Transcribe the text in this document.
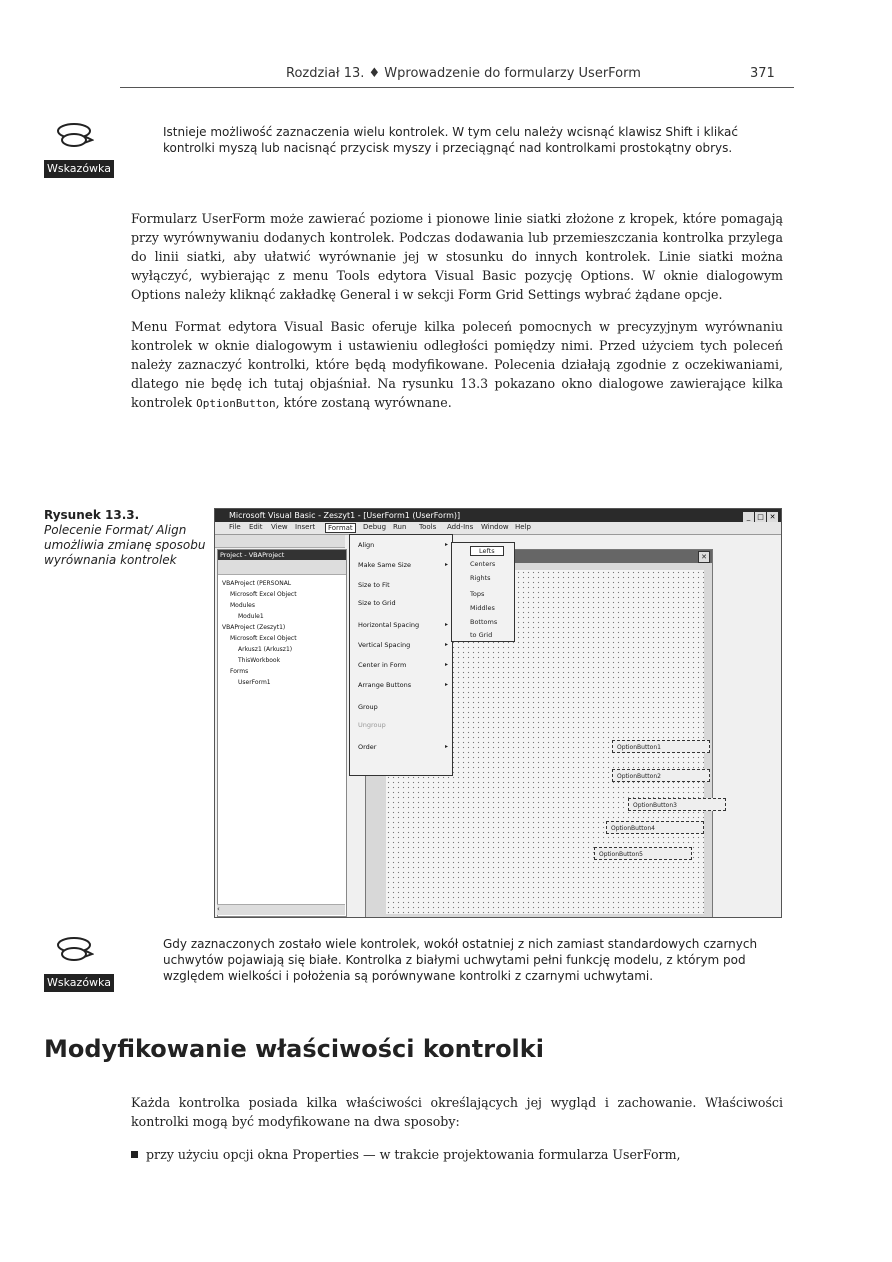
Rozdział 13. ♦ Wprowadzenie do formularzy UserForm	371
Wskazówka
Istnieje możliwość zaznaczenia wielu kontrolek. W tym celu należy wcisnąć klawisz Shift i klikać kontrolki myszą lub nacisnąć przycisk myszy i przeciągnąć nad kontrolkami prostokątny obrys.

Formularz UserForm może zawierać poziome i pionowe linie siatki złożone z kropek, które pomagają przy wyrównywaniu dodanych kontrolek. Podczas dodawania lub przemieszczania kontrolka przylega do linii siatki, aby ułatwić wyrównanie jej w stosunku do innych kontrolek. Linie siatki można wyłączyć, wybierając z menu Tools edytora Visual Basic pozycję Options. W oknie dialogowym Options należy kliknąć zakładkę General i w sekcji Form Grid Settings wybrać żądane opcje.

Menu Format edytora Visual Basic oferuje kilka poleceń pomocnych w precyzyjnym wyrównaniu kontrolek w oknie dialogowym i ustawieniu odległości pomiędzy nimi. Przed użyciem tych poleceń należy zaznaczyć kontrolki, które będą modyfikowane. Polecenia działają zgodnie z oczekiwaniami, dlatego nie będę ich tutaj objaśniał. Na rysunku 13.3 pokazano okno dialogowe zawierające kilka kontrolek OptionButton, które zostaną wyrównane.

Rysunek 13.3.
Polecenie Format/ Align umożliwia zmianę sposobu wyrównania kontrolek
Microsoft Visual Basic - Zeszyt1 - [UserForm1 (UserForm)]	_ □ ✕
File Edit View Insert	Format	Debug Run Tools Add-Ins Window Help
Project - VBAProject
VBAProject (PERSONAL
Microsoft Excel Object
Modules
Module1
VBAProject (Zeszyt1)
Microsoft Excel Object
Arkusz1 (Arkusz1)
ThisWorkbook
Forms
UserForm1
‹
✕
OptionButton1
OptionButton2
OptionButton3
OptionButton4
OptionButton5
Align	▸
Make Same Size	▸
Size to Fit
Size to Grid
Horizontal Spacing	▸
Vertical Spacing	▸
Center in Form	▸
Arrange Buttons	▸
Group
Ungroup
Order	▸
Lefts
Centers
Rights
Tops
Middles
Bottoms
to Grid
Wskazówka
Gdy zaznaczonych zostało wiele kontrolek, wokół ostatniej z nich zamiast standardowych czarnych uchwytów pojawiają się białe. Kontrolka z białymi uchwytami pełni funkcję modelu, z którym pod względem wielkości i położenia są porównywane kontrolki z czarnymi uchwytami.
Modyfikowanie właściwości kontrolki

Każda kontrolka posiada kilka właściwości określających jej wygląd i zachowanie. Właściwości kontrolki mogą być modyfikowane na dwa sposoby:

przy użyciu opcji okna Properties — w trakcie projektowania formularza UserForm,
